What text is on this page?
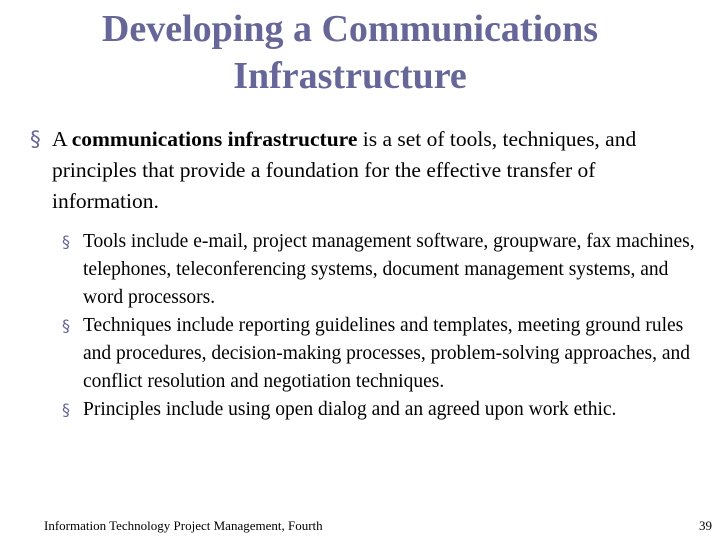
Developing a Communications
Infrastructure
§ A communications infrastructure is a set of tools, techniques, and principles that provide a foundation for the effective transfer of information.

§ Tools include e-mail, project management software, groupware, fax machines, telephones, teleconferencing systems, document management systems, and word processors.

§ Techniques include reporting guidelines and templates, meeting ground rules and procedures, decision-making processes, problem-solving approaches, and conflict resolution and negotiation techniques.

§ Principles include using open dialog and an agreed upon work ethic.

Information Technology Project Management, Fourth	39
